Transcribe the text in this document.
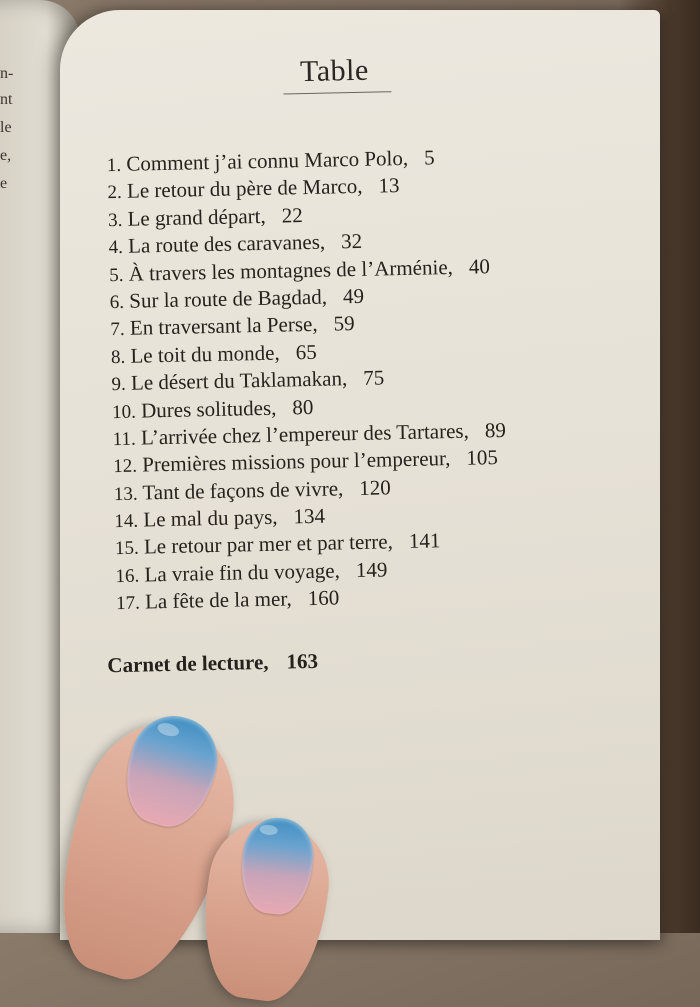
n-
nt
le
e,
e
Table
1. Comment j’ai connu Marco Polo, 5
2. Le retour du père de Marco, 13
3. Le grand départ, 22
4. La route des caravanes, 32
5. À travers les montagnes de l’Arménie, 40
6. Sur la route de Bagdad, 49
7. En traversant la Perse, 59
8. Le toit du monde, 65
9. Le désert du Taklamakan, 75
10. Dures solitudes, 80
11. L’arrivée chez l’empereur des Tartares, 89
12. Premières missions pour l’empereur, 105
13. Tant de façons de vivre, 120
14. Le mal du pays, 134
15. Le retour par mer et par terre, 141
16. La vraie fin du voyage, 149
17. La fête de la mer, 160
Carnet de lecture, 163
